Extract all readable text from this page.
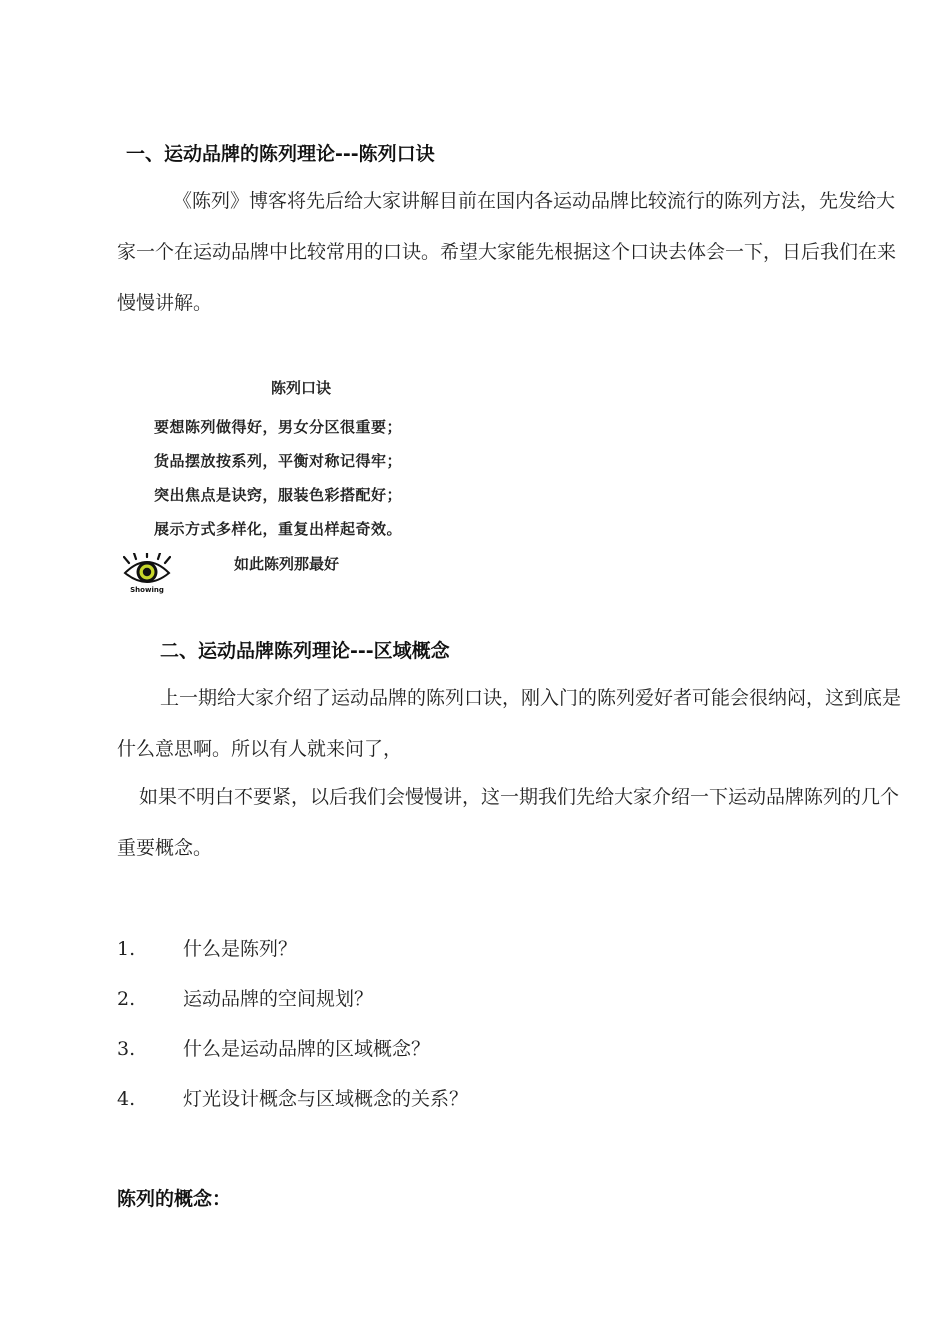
一、运动品牌的陈列理论---陈列口诀

《陈列》博客将先后给大家讲解目前在国内各运动品牌比较流行的陈列方法，先发给大家一个在运动品牌中比较常用的口诀。希望大家能先根据这个口诀去体会一下，日后我们在来慢慢讲解。

陈列口诀
要想陈列做得好，男女分区很重要；
货品摆放按系列，平衡对称记得牢；
突出焦点是诀窍，服装色彩搭配好；
展示方式多样化，重复出样起奇效。
如此陈列那最好
Showing
二、运动品牌陈列理论---区域概念

上一期给大家介绍了运动品牌的陈列口诀，刚入门的陈列爱好者可能会很纳闷，这到底是什么意思啊。所以有人就来问了，

如果不明白不要紧，以后我们会慢慢讲，这一期我们先给大家介绍一下运动品牌陈列的几个重要概念。

1.	什么是陈列？
2.	运动品牌的空间规划？
3.	什么是运动品牌的区域概念？
4.	灯光设计概念与区域概念的关系？
陈列的概念：
